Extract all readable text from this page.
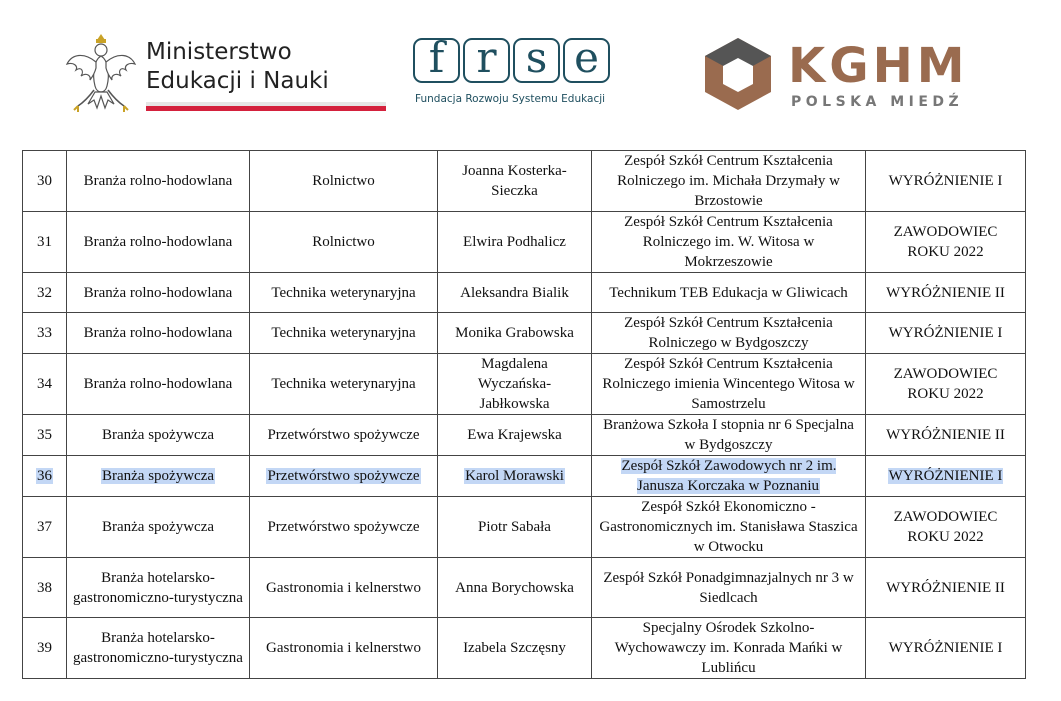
Ministerstwo
Edukacji i Nauki	f r s e
Fundacja Rozwoju Systemu Edukacji
KGHM
POLSKA MIEDŹ
30	Branża rolno-hodowlana	Rolnictwo	Joanna Kosterka-Sieczka	Zespół Szkół Centrum Kształcenia Rolniczego im. Michała Drzymały w Brzostowie	WYRÓŻNIENIE I
31	Branża rolno-hodowlana	Rolnictwo	Elwira Podhalicz	Zespół Szkół Centrum Kształcenia Rolniczego im. W. Witosa w Mokrzeszowie	ZAWODOWIEC ROKU 2022
32	Branża rolno-hodowlana	Technika weterynaryjna	Aleksandra Bialik	Technikum TEB Edukacja w Gliwicach	WYRÓŻNIENIE II
33	Branża rolno-hodowlana	Technika weterynaryjna	Monika Grabowska	Zespół Szkół Centrum Kształcenia Rolniczego w Bydgoszczy	WYRÓŻNIENIE I
34	Branża rolno-hodowlana	Technika weterynaryjna	Magdalena Wyczańska-Jabłkowska	Zespół Szkół Centrum Kształcenia Rolniczego imienia Wincentego Witosa w Samostrzelu	ZAWODOWIEC ROKU 2022
35	Branża spożywcza	Przetwórstwo spożywcze	Ewa Krajewska	Branżowa Szkoła I stopnia nr 6 Specjalna w Bydgoszczy	WYRÓŻNIENIE II
36	Branża spożywcza	Przetwórstwo spożywcze	Karol Morawski	Zespół Szkół Zawodowych nr 2 im. Janusza Korczaka w Poznaniu	WYRÓŻNIENIE I
37	Branża spożywcza	Przetwórstwo spożywcze	Piotr Sabała	Zespół Szkół Ekonomiczno - Gastronomicznych im. Stanisława Staszica w Otwocku	ZAWODOWIEC ROKU 2022
38	Branża hotelarsko-gastronomiczno-turystyczna	Gastronomia i kelnerstwo	Anna Borychowska	Zespół Szkół Ponadgimnazjalnych nr 3 w Siedlcach	WYRÓŻNIENIE II
39	Branża hotelarsko-gastronomiczno-turystyczna	Gastronomia i kelnerstwo	Izabela Szczęsny	Specjalny Ośrodek Szkolno-Wychowawczy im. Konrada Mańki w Lublińcu	WYRÓŻNIENIE I
